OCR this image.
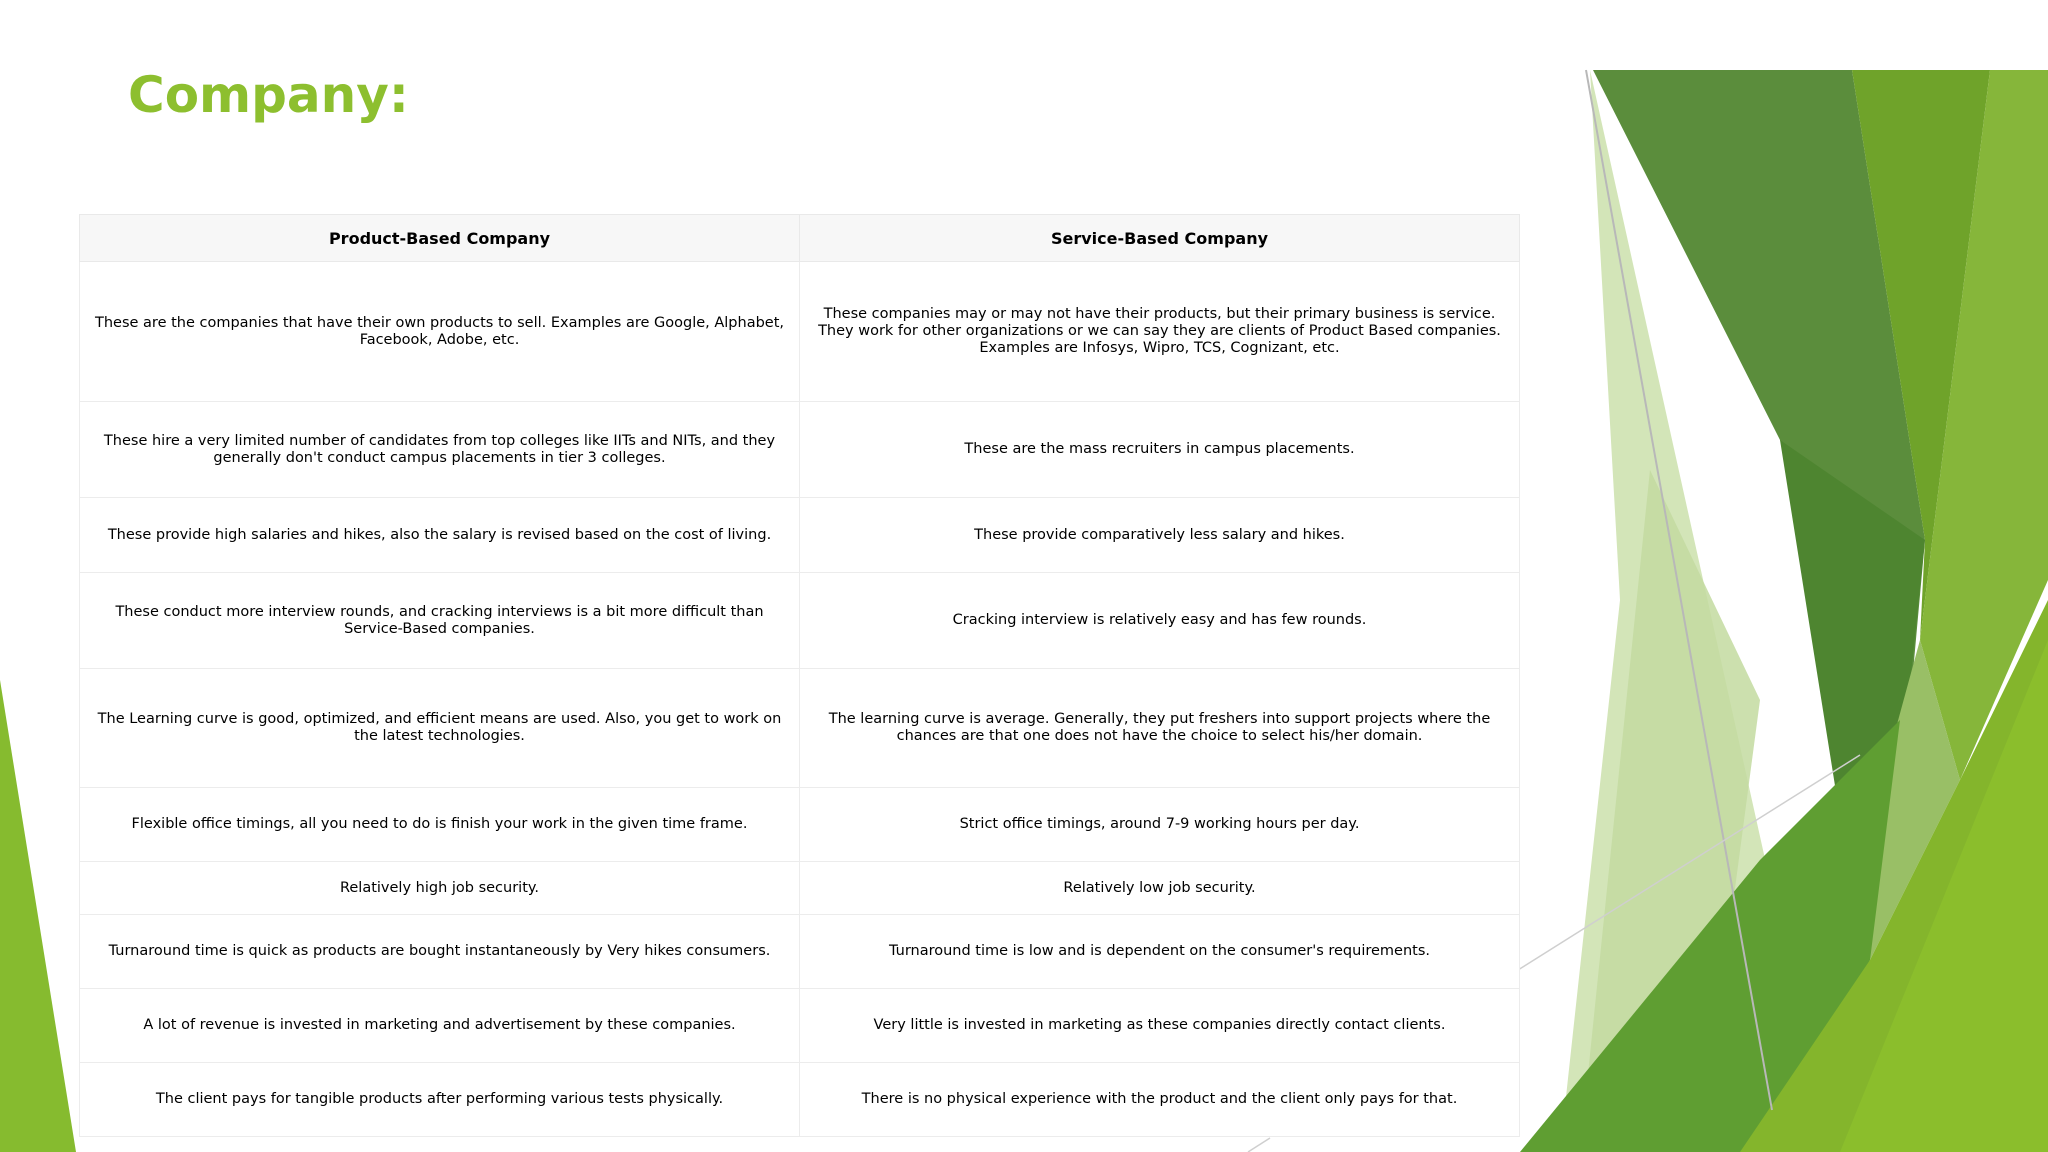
Company:
Product-Based Company	Service-Based Company
These are the companies that have their own products to sell. Examples are Google, Alphabet, Facebook, Adobe, etc.	These companies may or may not have their products, but their primary business is service. They work for other organizations or we can say they are clients of Product Based companies. Examples are Infosys, Wipro, TCS, Cognizant, etc.
These hire a very limited number of candidates from top colleges like IITs and NITs, and they generally don't conduct campus placements in tier 3 colleges.	These are the mass recruiters in campus placements.
These provide high salaries and hikes, also the salary is revised based on the cost of living.	These provide comparatively less salary and hikes.
These conduct more interview rounds, and cracking interviews is a bit more difficult than Service-Based companies.	Cracking interview is relatively easy and has few rounds.
The Learning curve is good, optimized, and efficient means are used. Also, you get to work on the latest technologies.	The learning curve is average. Generally, they put freshers into support projects where the chances are that one does not have the choice to select his/her domain.
Flexible office timings, all you need to do is finish your work in the given time frame.	Strict office timings, around 7-9 working hours per day.
Relatively high job security.	Relatively low job security.
Turnaround time is quick as products are bought instantaneously by Very hikes consumers.	Turnaround time is low and is dependent on the consumer's requirements.
A lot of revenue is invested in marketing and advertisement by these companies.	Very little is invested in marketing as these companies directly contact clients.
The client pays for tangible products after performing various tests physically.	There is no physical experience with the product and the client only pays for that.
